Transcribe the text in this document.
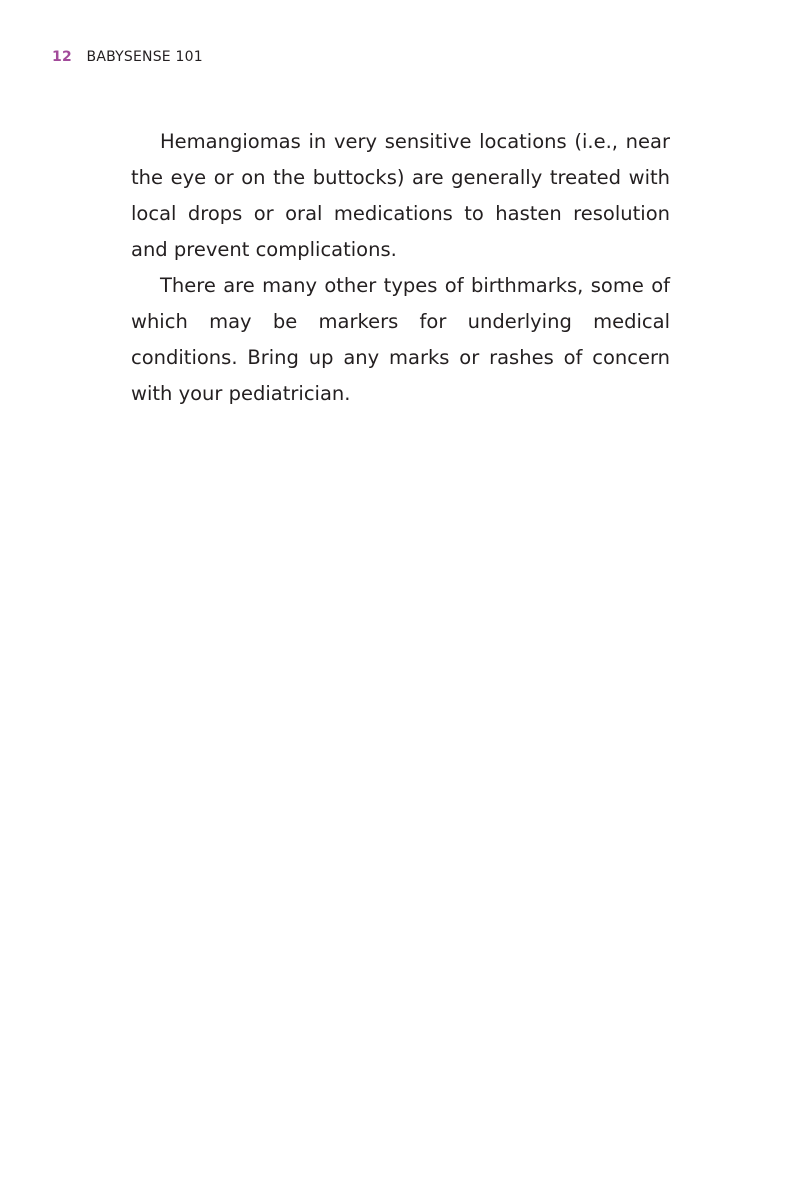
12 BABYSENSE 101

Hemangiomas in very sensitive locations (i.e., near the eye or on the buttocks) are generally treated with local drops or oral medications to hasten resolution and prevent complications.

There are many other types of birthmarks, some of which may be markers for underlying medical conditions. Bring up any marks or rashes of concern with your pediatrician.
